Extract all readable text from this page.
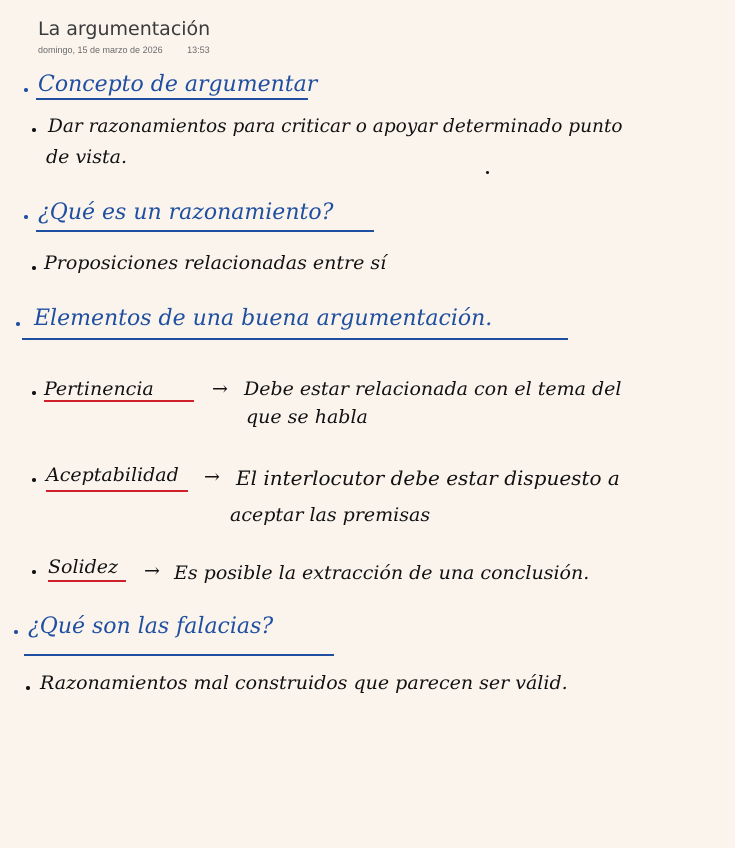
La argumentación
domingo, 15 de marzo de 2026	13:53
Concepto de argumentar
Dar razonamientos para criticar o apoyar determinado punto
de vista.
¿Qué es un razonamiento?
Proposiciones relacionadas entre sí
Elementos de una buena argumentación.
Pertinencia	→ Debe estar relacionada con el tema del
que se habla
Aceptabilidad → El interlocutor debe estar dispuesto a
aceptar las premisas
Solidez → Es posible la extracción de una conclusión.
¿Qué son las falacias?
Razonamientos mal construidos que parecen ser válid.
